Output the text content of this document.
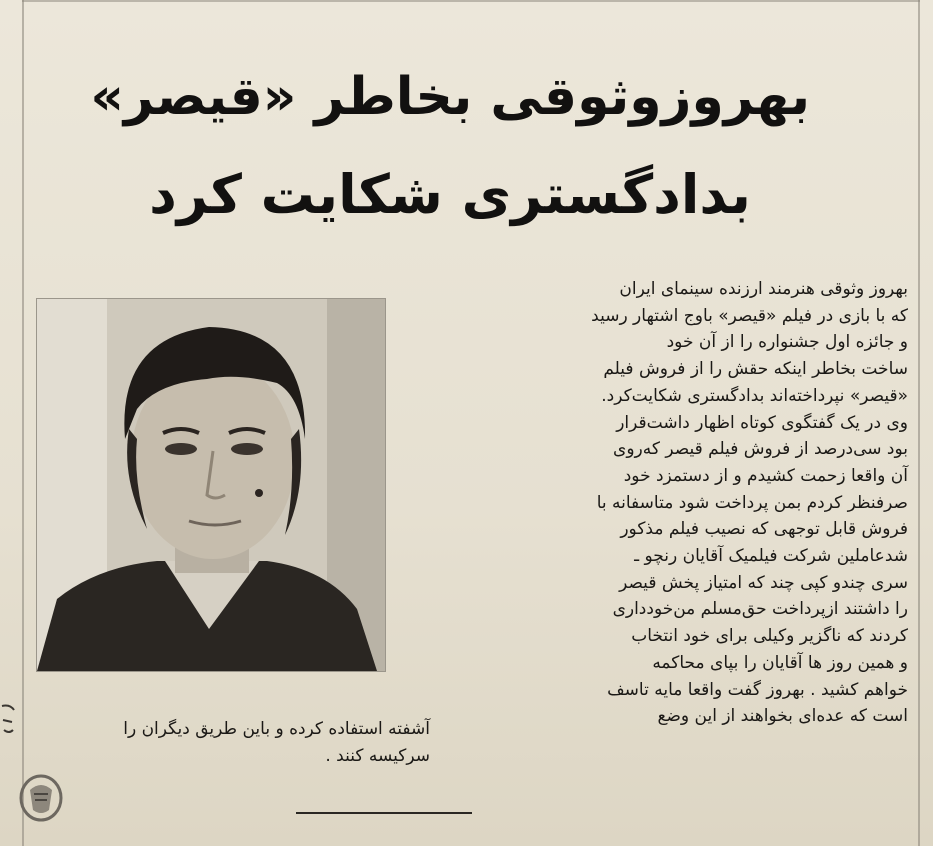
بهروزوثوقی بخاطر «قیصر»
بدادگستری شکایت کرد
بهروز وثوقی هنرمند ارزنده سینمای ایران
که با بازی در فیلم «قیصر» باوج اشتهار رسید
و جائزه اول جشنواره را از آن خود
ساخت بخاطر اینکه حقش را از فروش فیلم
«قیصر» نپرداخته‌اند بدادگستری شکایت‌کرد.
وی در یک گفتگوی کوتاه اظهار داشت‌قرار
بود سی‌درصد از فروش فیلم قیصر که‌روی
آن واقعا زحمت کشیدم و از دستمزد خود
صرفنظر کردم بمن پرداخت شود متاسفانه با
فروش قابل توجهی که نصیب فیلم مذکور
شدعاملین شرکت فیلمیک آقایان رنچو ـ
سری چندو کپی چند که امتیاز پخش قیصر
را داشتند ازپرداخت حق‌مسلم من‌خودداری
کردند که ناگزیر وکیلی برای خود انتخاب
و همین روز ها آقایان را بپای محاکمه
خواهم کشید . بهروز گفت واقعا مایه تاسف
است که عده‌ای بخواهند از این وضع
آشفته استفاده کرده و باین طریق دیگران را
سرکیسه کنند .
